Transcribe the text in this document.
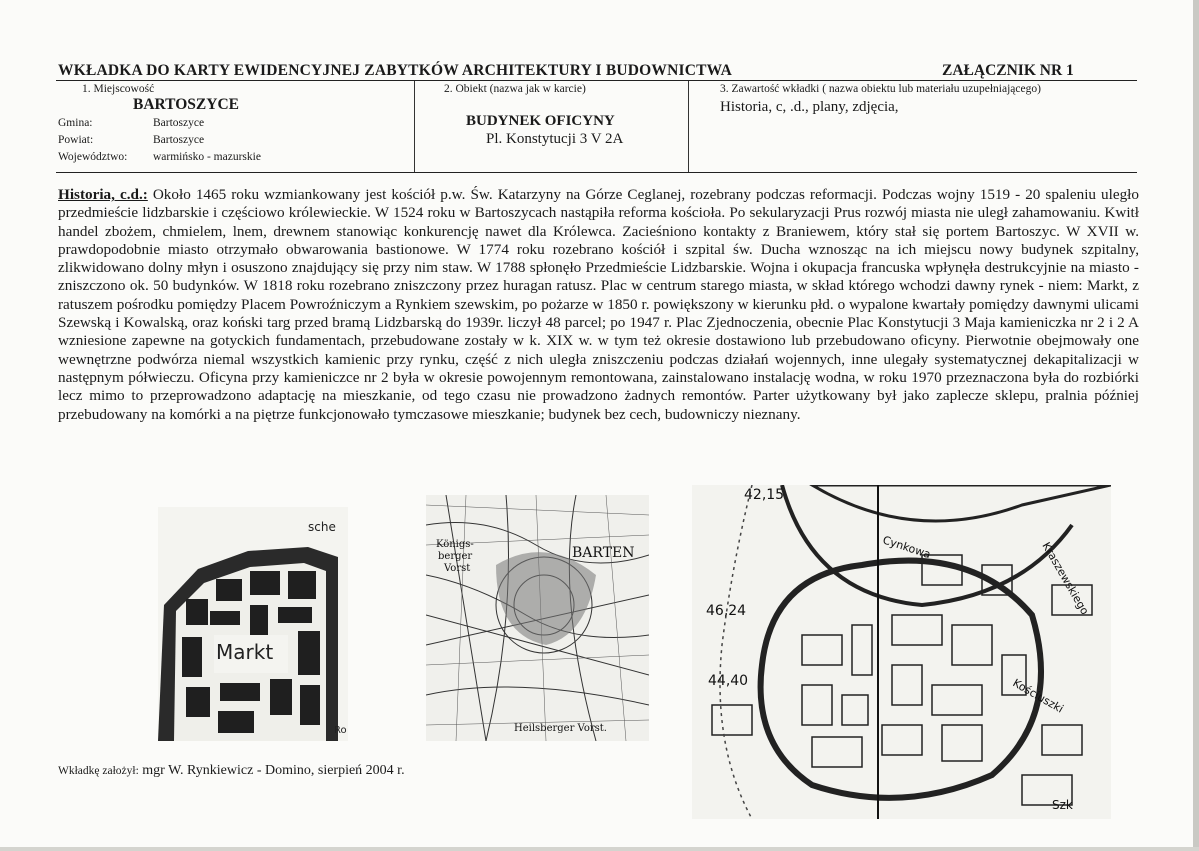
WKŁADKA DO KARTY EWIDENCYJNEJ ZABYTKÓW ARCHITEKTURY I BUDOWNICTWA	ZAŁĄCZNIK NR 1
1. Miejscowość
BARTOSZYCE
Gmina:	Bartoszyce
Powiat:	Bartoszyce
Województwo: warmińsko - mazurskie
2. Obiekt (nazwa jak w karcie)
BUDYNEK OFICYNY
Pl. Konstytucji 3 V 2A
3. Zawartość wkładki ( nazwa obiektu lub materiału uzupełniającego)
Historia, c, .d., plany, zdjęcia,
Historia, c.d.: Około 1465 roku wzmiankowany jest kościół p.w. Św. Katarzyny na Górze Ceglanej, rozebrany podczas reformacji. Podczas wojny 1519 - 20 spaleniu uległo przedmieście lidzbarskie i częściowo królewieckie. W 1524 roku w Bartoszycach nastąpiła reforma kościoła. Po sekularyzacji Prus rozwój miasta nie uległ zahamowaniu. Kwitł handel zbożem, chmielem, lnem, drewnem stanowiąc konkurencję nawet dla Królewca. Zacieśniono kontakty z Braniewem, który stał się portem Bartoszyc. W XVII w. prawdopodobnie miasto otrzymało obwarowania bastionowe. W 1774 roku rozebrano kościół i szpital św. Ducha wznosząc na ich miejscu nowy budynek szpitalny, zlikwidowano dolny młyn i osuszono znajdujący się przy nim staw. W 1788 spłonęło Przedmieście Lidzbarskie. Wojna i okupacja francuska wpłynęła destrukcyjnie na miasto - zniszczono ok. 50 budynków. W 1818 roku rozebrano zniszczony przez huragan ratusz. Plac w centrum starego miasta, w skład którego wchodzi dawny rynek - niem: Markt, z ratuszem pośrodku pomiędzy Placem Powroźniczym a Rynkiem szewskim, po pożarze w 1850 r. powiększony w kierunku płd. o wypalone kwartały pomiędzy dawnymi ulicami Szewską i Kowalską, oraz koński targ przed bramą Lidzbarską do 1939r. liczył 48 parcel; po 1947 r. Plac Zjednoczenia, obecnie Plac Konstytucji 3 Maja kamieniczka nr 2 i 2 A wzniesione zapewne na gotyckich fundamentach, przebudowane zostały w k. XIX w. w tym też okresie dostawiono lub przebudowano oficyny. Pierwotnie obejmowały one wewnętrzne podwórza niemal wszystkich kamienic przy rynku, część z nich uległa zniszczeniu podczas działań wojennych, inne ulegały systematycznej dekapitalizacji w następnym półwieczu. Oficyna przy kamieniczce nr 2 była w okresie powojennym remontowana, zainstalowano instalację wodna, w roku 1970 przeznaczona była do rozbiórki lecz mimo to przeprowadzono adaptację na mieszkanie, od tego czasu nie prowadzono żadnych remontów. Parter użytkowany był jako zaplecze sklepu, pralnia później przebudowany na komórki a na piętrze funkcjonowało tymczasowe mieszkanie; budynek bez cech, budowniczy nieznany.
Markt
sche
Ro
Königs-
berger
Vorst
BARTEN
Heilsberger Vorst.
42,15
46,24
44,40
Cynkowa
Kościuszki
Kraszewskiego
Szk
Wkładkę założył: mgr W. Rynkiewicz - Domino, sierpień 2004 r.
